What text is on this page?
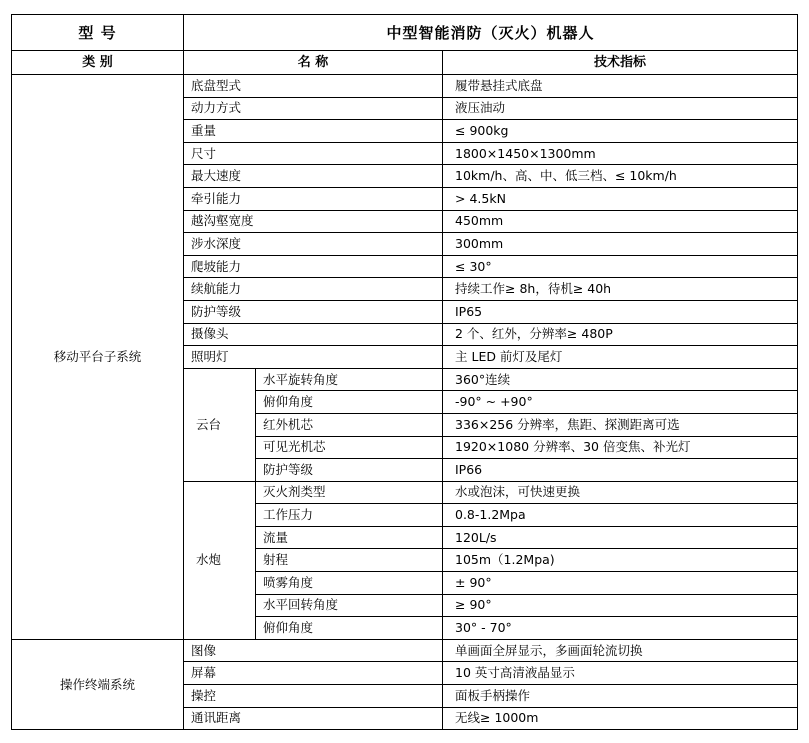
型 号	中型智能消防（灭火）机器人		
类 别	名 称		技术指标
移动平台子系统	底盘型式		履带悬挂式底盘
	动力方式		液压油动
	重量		≤ 900kg
	尺寸		1800×1450×1300mm
	最大速度		10km/h、高、中、低三档、≤ 10km/h
	牵引能力		> 4.5kN
	越沟壑宽度		450mm
	涉水深度		300mm
	爬坡能力		≤ 30°
	续航能力		持续工作≥ 8h，待机≥ 40h
	防护等级		IP65
	摄像头		2 个、红外，分辨率≥ 480P
	照明灯		主 LED 前灯及尾灯
	云台	水平旋转角度	360°连续
		俯仰角度	-90° ~ +90°
		红外机芯	336×256 分辨率，焦距、探测距离可选
		可见光机芯	1920×1080 分辨率、30 倍变焦、补光灯
		防护等级	IP66
	水炮	灭火剂类型	水或泡沫，可快速更换
		工作压力	0.8-1.2Mpa
		流量	120L/s
		射程	105m（1.2Mpa)
		喷雾角度	± 90°
		水平回转角度	≥ 90°
		俯仰角度	30° - 70°
操作终端系统	图像		单画面全屏显示，多画面轮流切换
	屏幕		10 英寸高清液晶显示
	操控		面板手柄操作
	通讯距离		无线≥ 1000m
